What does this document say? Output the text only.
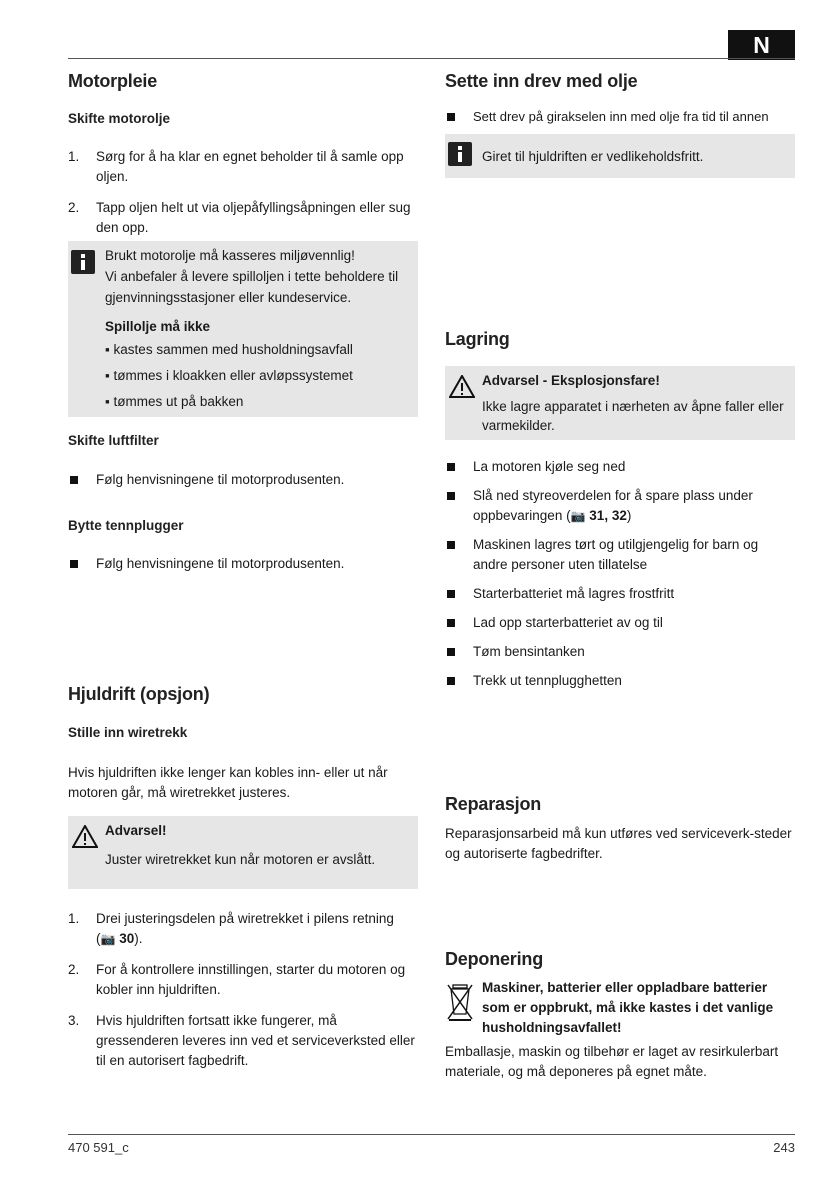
N
Motorpleie
Skifte motorolje
1. Sørg for å ha klar en egnet beholder til å samle opp oljen.
2. Tapp oljen helt ut via oljepåfyllingsåpningen eller sug den opp.

Brukt motorolje må kasseres miljøvennlig!

Vi anbefaler å levere spilloljen i tette beholdere til gjenvinningsstasjoner eller kundeservice.

Spillolje må ikke

▪ kastes sammen med husholdningsavfall
▪ tømmes i kloakken eller avløpssystemet
▪ tømmes ut på bakken
Skifte luftfilter
Følg henvisningene til motorprodusenten.
Bytte tennplugger
Følg henvisningene til motorprodusenten.
Hjuldrift (opsjon)
Stille inn wiretrekk

Hvis hjuldriften ikke lenger kan kobles inn- eller ut når motoren går, må wiretrekket justeres.

Advarsel!

Juster wiretrekket kun når motoren er avslått.

1. Drei justeringsdelen på wiretrekket i pilens retning
(📷 30).
2. For å kontrollere innstillingen, starter du motoren og kobler inn hjuldriften.
3. Hvis hjuldriften fortsatt ikke fungerer, må gressenderen leveres inn ved et serviceverksted eller til en autorisert fagbedrift.
Sette inn drev med olje
Sett drev på girakselen inn med olje fra tid til annen

Giret til hjuldriften er vedlikeholdsfritt.

Lagring

Advarsel - Eksplosjonsfare!

Ikke lagre apparatet i nærheten av åpne faller eller varmekilder.

La motoren kjøle seg ned
Slå ned styreoverdelen for å spare plass under oppbevaringen (📷 31, 32)
Maskinen lagres tørt og utilgjengelig for barn og andre personer uten tillatelse
Starterbatteriet må lagres frostfritt
Lad opp starterbatteriet av og til
Tøm bensintanken
Trekk ut tennplugghetten
Reparasjon

Reparasjonsarbeid må kun utføres ved serviceverk-steder og autoriserte fagbedrifter.

Deponering

Maskiner, batterier eller oppladbare batterier som er oppbrukt, må ikke kastes i det vanlige husholdningsavfallet!

Emballasje, maskin og tilbehør er laget av resirkulerbart materiale, og må deponeres på egnet måte.

470 591_c	243
